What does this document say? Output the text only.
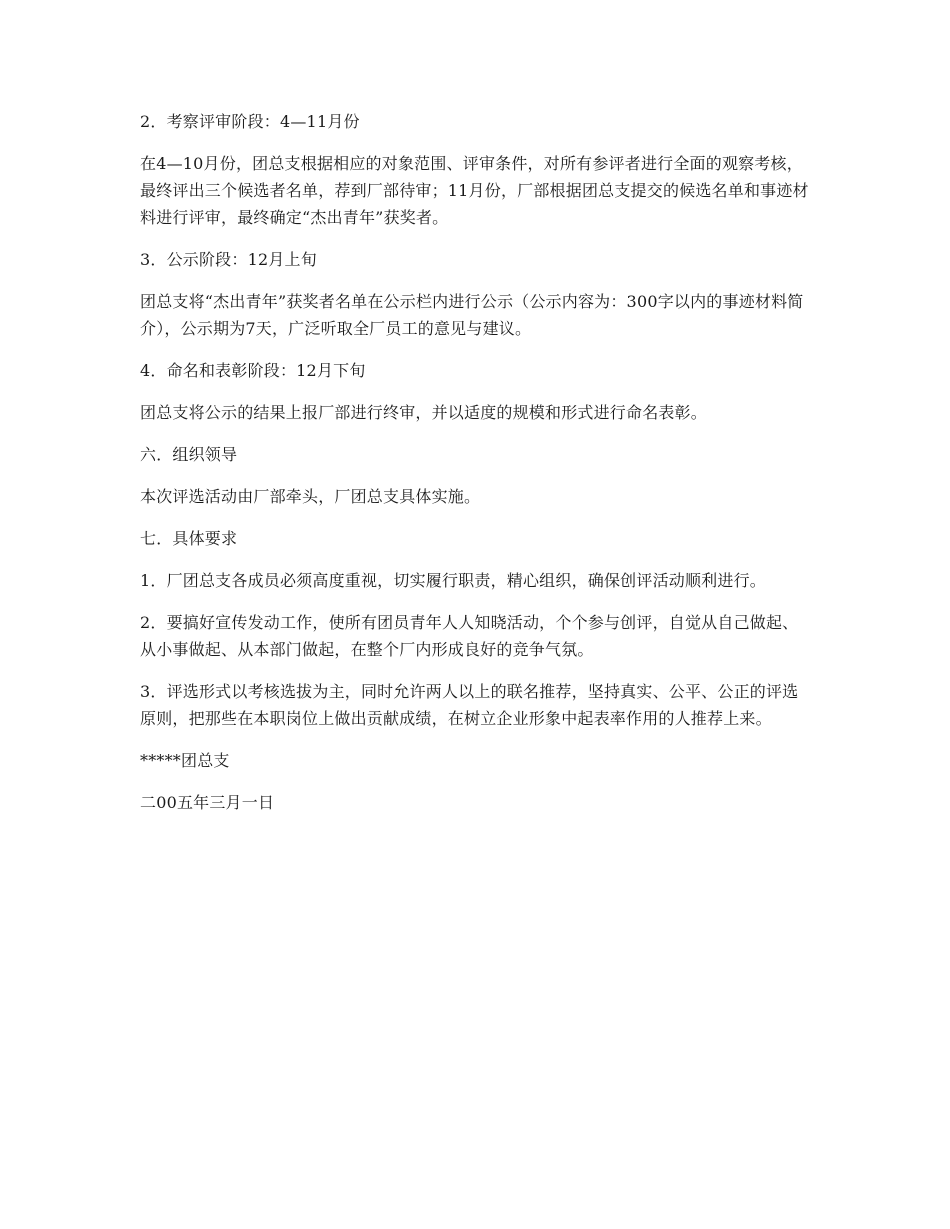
2．考察评审阶段：4—11月份

在4—10月份，团总支根据相应的对象范围、评审条件，对所有参评者进行全面的观察考核，最终评出三个候选者名单，荐到厂部待审；11月份，厂部根据团总支提交的候选名单和事迹材料进行评审，最终确定“杰出青年”获奖者。

3．公示阶段：12月上旬

团总支将“杰出青年”获奖者名单在公示栏内进行公示（公示内容为：300字以内的事迹材料简介），公示期为7天，广泛听取全厂员工的意见与建议。

4．命名和表彰阶段：12月下旬

团总支将公示的结果上报厂部进行终审，并以适度的规模和形式进行命名表彰。

六．组织领导

本次评选活动由厂部牵头，厂团总支具体实施。

七．具体要求

1．厂团总支各成员必须高度重视，切实履行职责，精心组织，确保创评活动顺利进行。

2．要搞好宣传发动工作，使所有团员青年人人知晓活动，个个参与创评，自觉从自己做起、从小事做起、从本部门做起，在整个厂内形成良好的竞争气氛。

3．评选形式以考核选拔为主，同时允许两人以上的联名推荐，坚持真实、公平、公正的评选原则，把那些在本职岗位上做出贡献成绩，在树立企业形象中起表率作用的人推荐上来。

*****团总支

二00五年三月一日
